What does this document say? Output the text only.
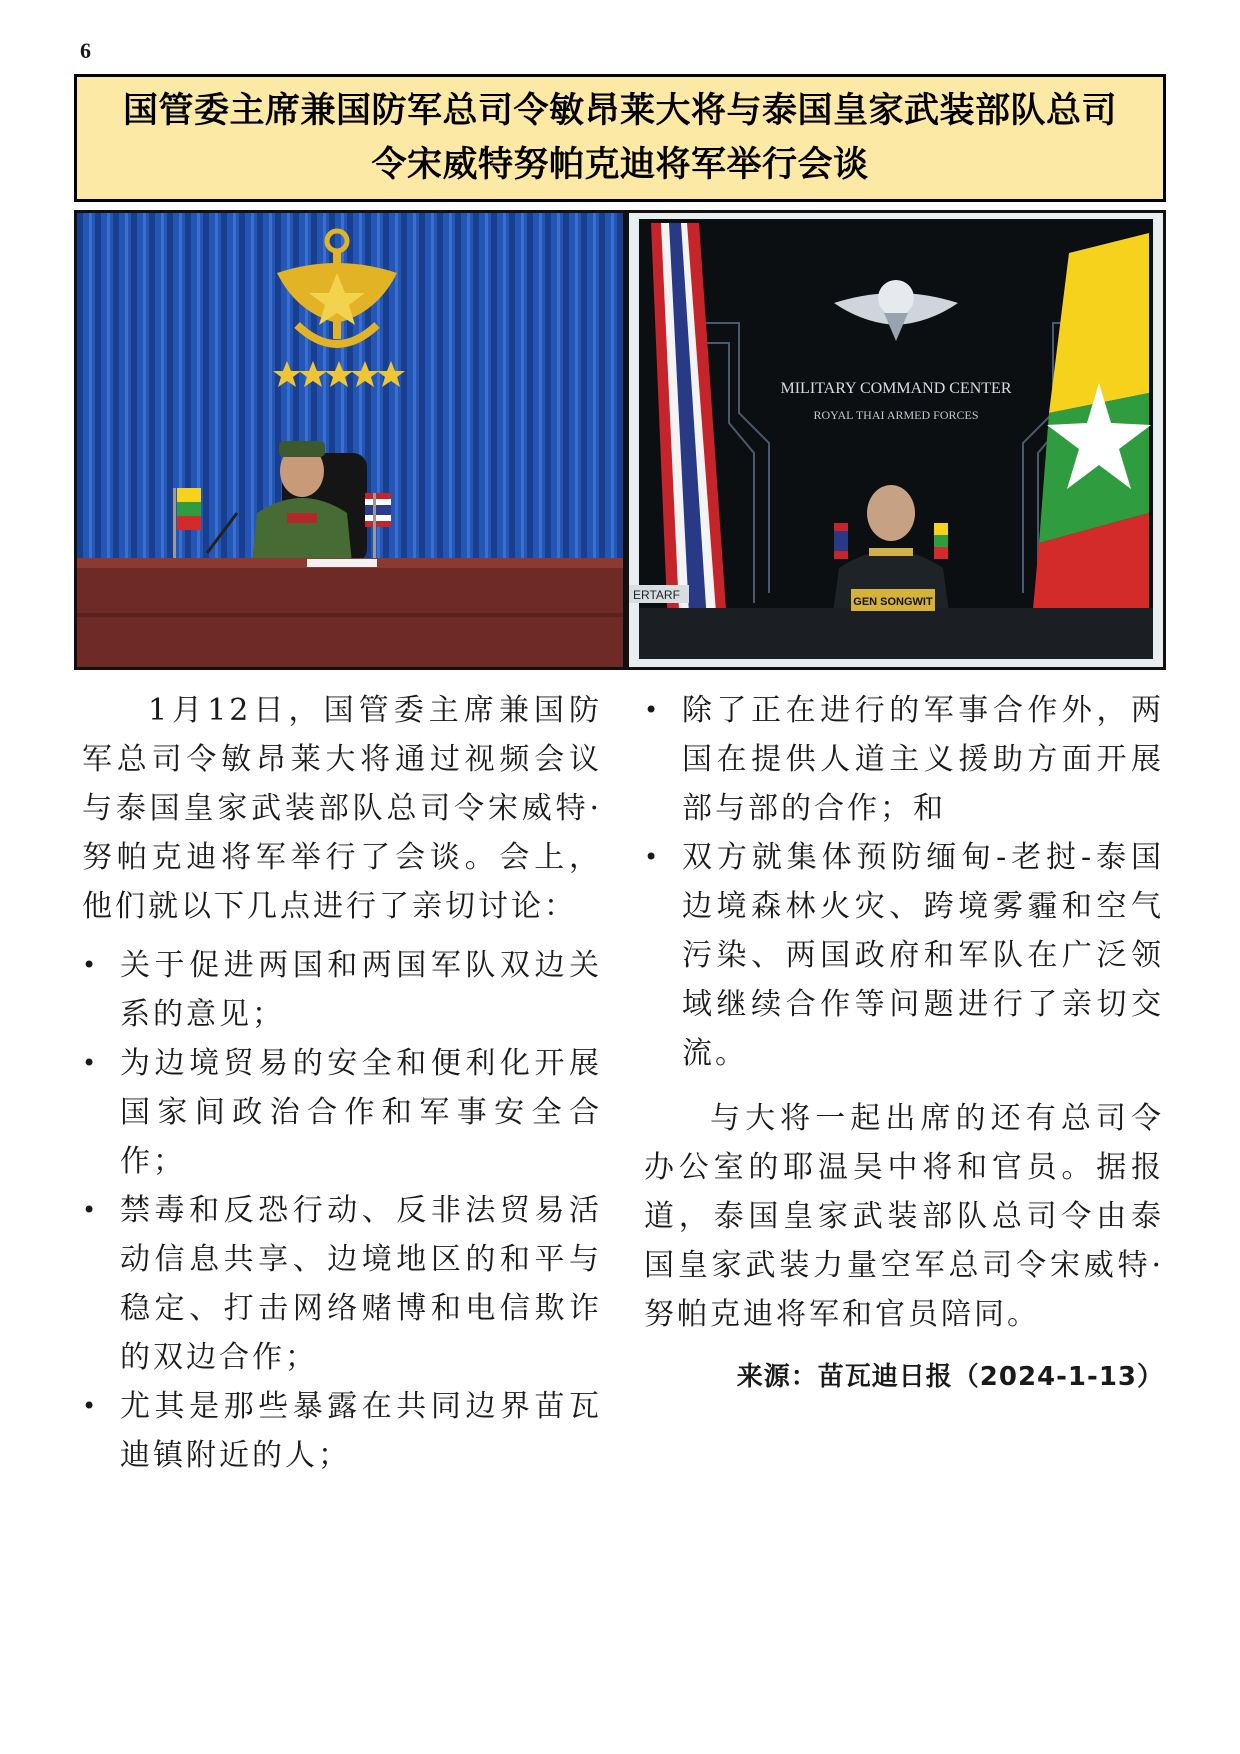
6
国管委主席兼国防军总司令敏昂莱大将与泰国皇家武装部队总司
令宋威特努帕克迪将军举行会谈
MILITARY COMMAND CENTER
ROYAL THAI ARMED FORCES
GEN SONGWIT
ERTARF

1月12日，国管委主席兼国防军总司令敏昂莱大将通过视频会议与泰国皇家武装部队总司令宋威特·努帕克迪将军举行了会谈。会上，他们就以下几点进行了亲切讨论：

• 关于促进两国和两国军队双边关系的意见；
• 为边境贸易的安全和便利化开展国家间政治合作和军事安全合作；
• 禁毒和反恐行动、反非法贸易活动信息共享、边境地区的和平与稳定、打击网络赌博和电信欺诈的双边合作；
• 尤其是那些暴露在共同边界苗瓦迪镇附近的人；
• 除了正在进行的军事合作外，两国在提供人道主义援助方面开展部与部的合作；和
• 双方就集体预防缅甸-老挝-泰国边境森林火灾、跨境雾霾和空气污染、两国政府和军队在广泛领域继续合作等问题进行了亲切交流。

与大将一起出席的还有总司令办公室的耶温吴中将和官员。据报道，泰国皇家武装部队总司令由泰国皇家武装力量空军总司令宋威特·努帕克迪将军和官员陪同。

来源：苗瓦迪日报（2024-1-13）
